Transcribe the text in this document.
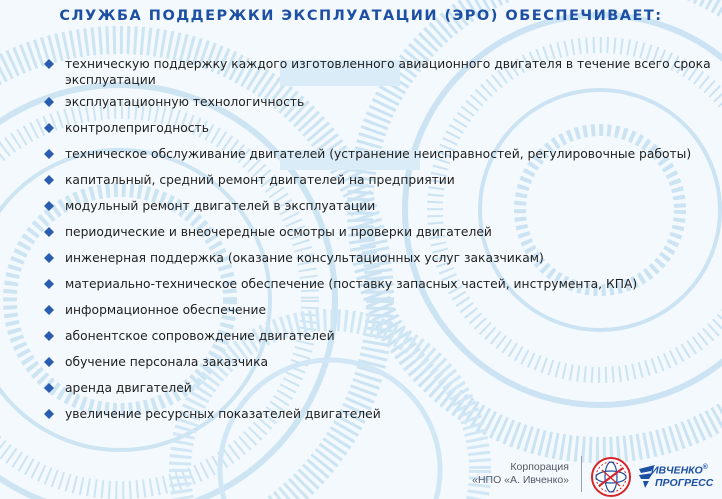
СЛУЖБА ПОДДЕРЖКИ ЭКСПЛУАТАЦИИ (ЭРО) ОБЕСПЕЧИВАЕТ:
техническую поддержку каждого изготовленного авиационного двигателя в течение всего срока эксплуатации
эксплуатационную технологичность
контролепригодность
техническое обслуживание двигателей (устранение неисправностей, регулировочные работы)
капитальный, средний ремонт двигателей на предприятии
модульный ремонт двигателей в эксплуатации
периодические и внеочередные осмотры и проверки двигателей
инженерная поддержка (оказание консультационных услуг заказчикам)
материально-техническое обеспечение (поставку запасных частей, инструмента, КПА)
информационное обеспечение
абонентское сопровождение двигателей
обучение персонала заказчика
аренда двигателей
увеличение ресурсных показателей двигателей
Корпорация
«НПО «А. Ивченко»
ИВЧЕНКО®
ПРОГРЕСС
